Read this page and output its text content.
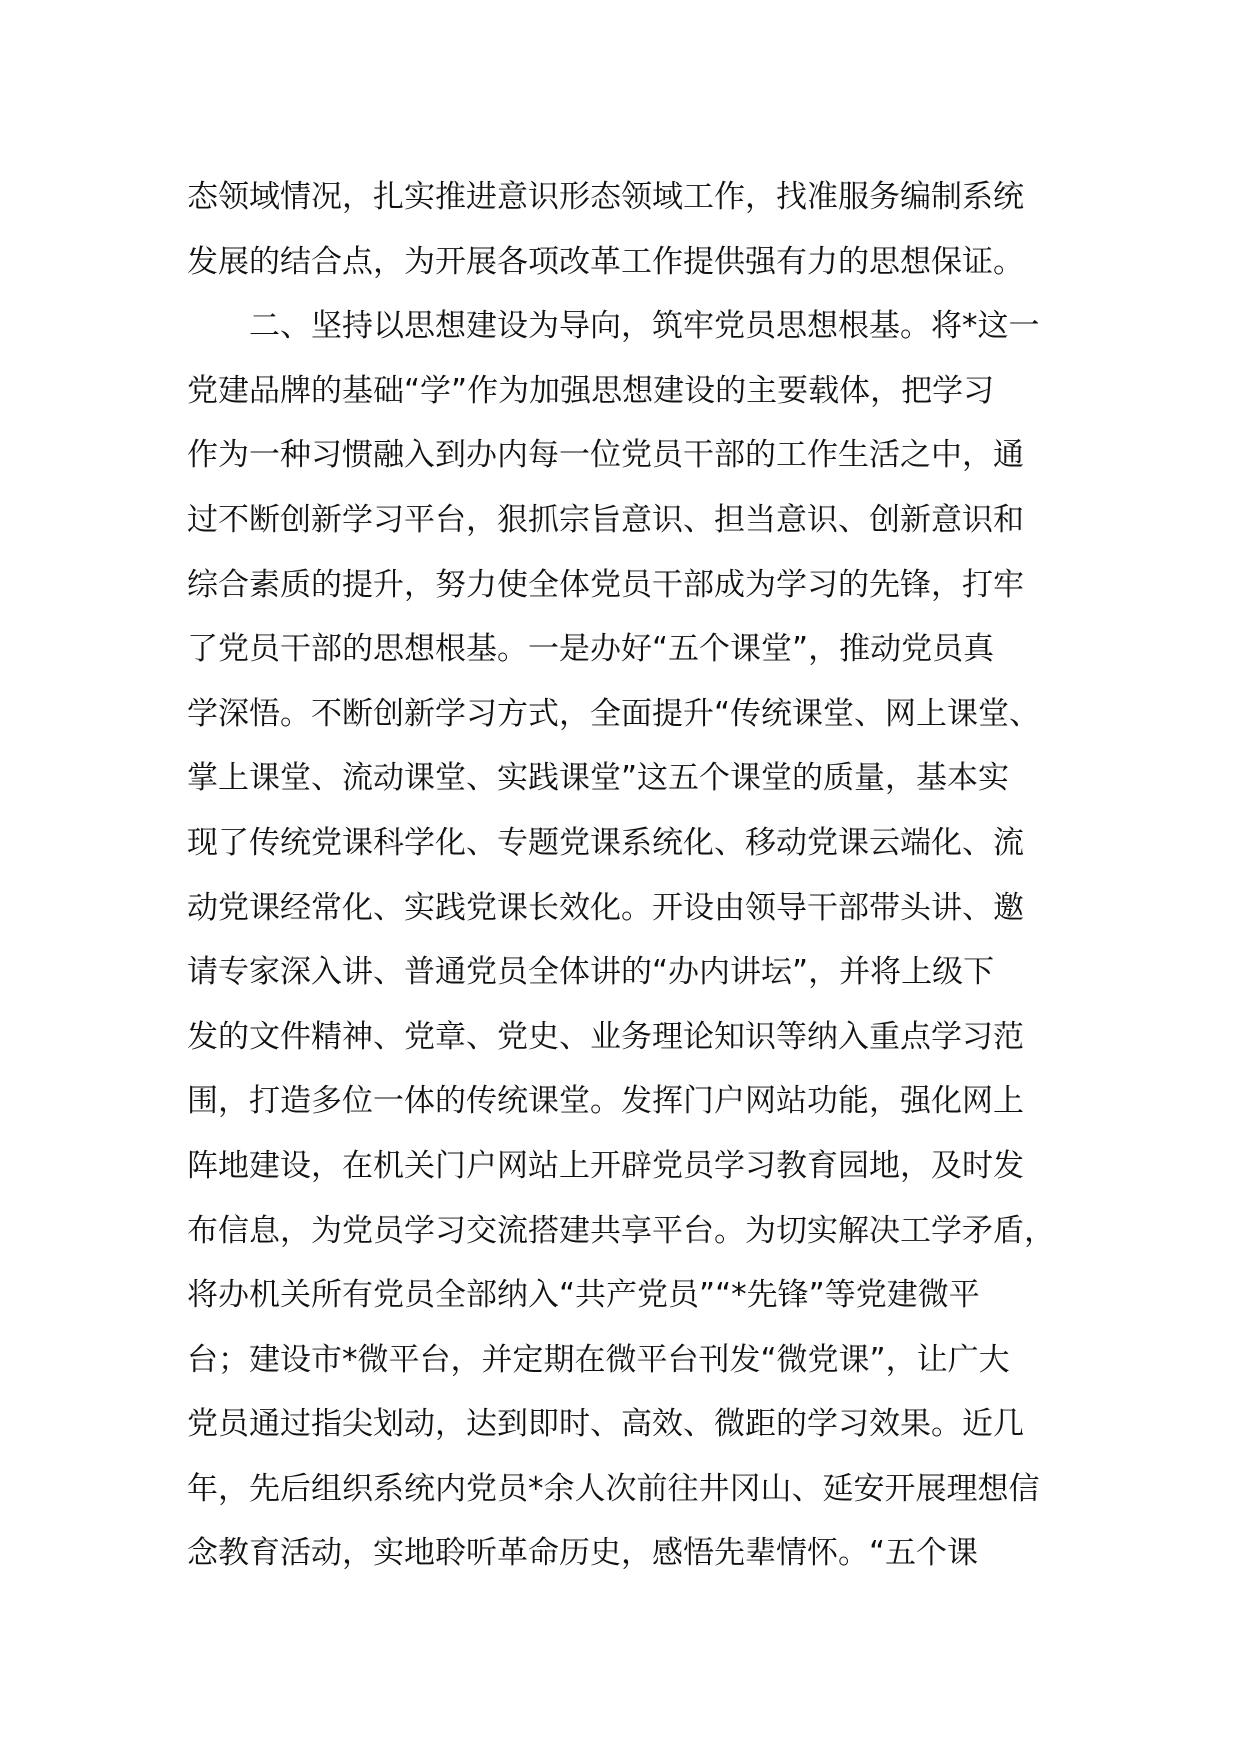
态领域情况，扎实推进意识形态领域工作，找准服务编制系统
发展的结合点，为开展各项改革工作提供强有力的思想保证。
二、坚持以思想建设为导向，筑牢党员思想根基。将*这一
党建品牌的基础“学”作为加强思想建设的主要载体，把学习
作为一种习惯融入到办内每一位党员干部的工作生活之中，通
过不断创新学习平台，狠抓宗旨意识、担当意识、创新意识和
综合素质的提升，努力使全体党员干部成为学习的先锋，打牢
了党员干部的思想根基。一是办好“五个课堂”，推动党员真
学深悟。不断创新学习方式，全面提升“传统课堂、网上课堂、
掌上课堂、流动课堂、实践课堂”这五个课堂的质量，基本实
现了传统党课科学化、专题党课系统化、移动党课云端化、流
动党课经常化、实践党课长效化。开设由领导干部带头讲、邀
请专家深入讲、普通党员全体讲的“办内讲坛”，并将上级下
发的文件精神、党章、党史、业务理论知识等纳入重点学习范
围，打造多位一体的传统课堂。发挥门户网站功能，强化网上
阵地建设，在机关门户网站上开辟党员学习教育园地，及时发
布信息，为党员学习交流搭建共享平台。为切实解决工学矛盾，
将办机关所有党员全部纳入“共产党员”“*先锋”等党建微平
台；建设市*微平台，并定期在微平台刊发“微党课”，让广大
党员通过指尖划动，达到即时、高效、微距的学习效果。近几
年，先后组织系统内党员*余人次前往井冈山、延安开展理想信
念教育活动，实地聆听革命历史，感悟先辈情怀。“五个课
